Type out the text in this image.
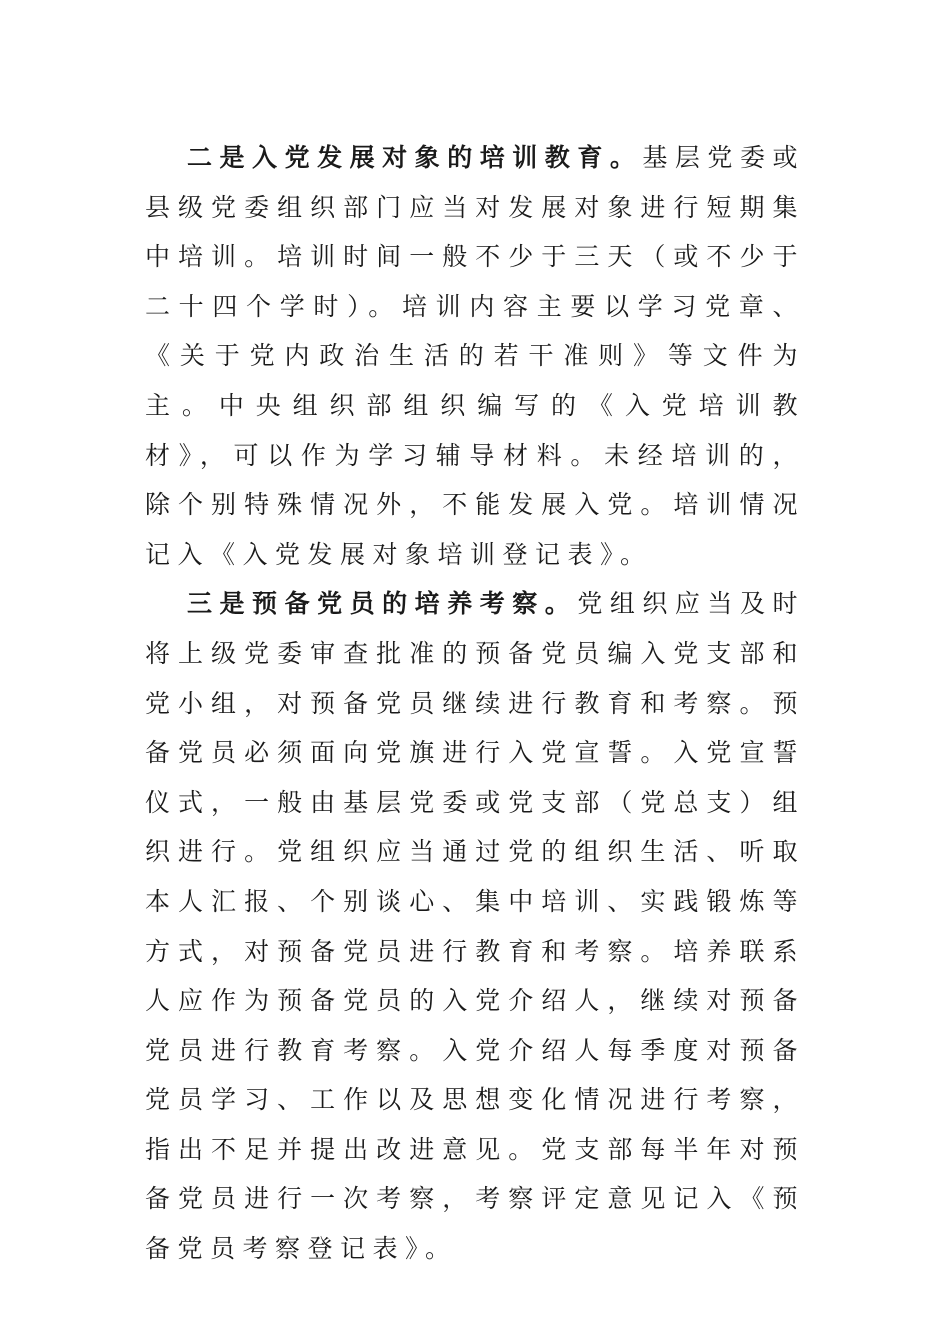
二是入党发展对象的培训教育。基层党委或县级党委组织部门应当对发展对象进行短期集中培训。培训时间一般不少于三天（或不少于二十四个学时）。培训内容主要以学习党章、《关于党内政治生活的若干准则》等文件为主。中央组织部组织编写的《入党培训教材》，可以作为学习辅导材料。未经培训的，除个别特殊情况外，不能发展入党。培训情况记入《入党发展对象培训登记表》。

三是预备党员的培养考察。党组织应当及时将上级党委审查批准的预备党员编入党支部和党小组，对预备党员继续进行教育和考察。预备党员必须面向党旗进行入党宣誓。入党宣誓仪式，一般由基层党委或党支部（党总支）组织进行。党组织应当通过党的组织生活、听取本人汇报、个别谈心、集中培训、实践锻炼等方式，对预备党员进行教育和考察。培养联系人应作为预备党员的入党介绍人，继续对预备党员进行教育考察。入党介绍人每季度对预备党员学习、工作以及思想变化情况进行考察，指出不足并提出改进意见。党支部每半年对预备党员进行一次考察，考察评定意见记入《预备党员考察登记表》。
